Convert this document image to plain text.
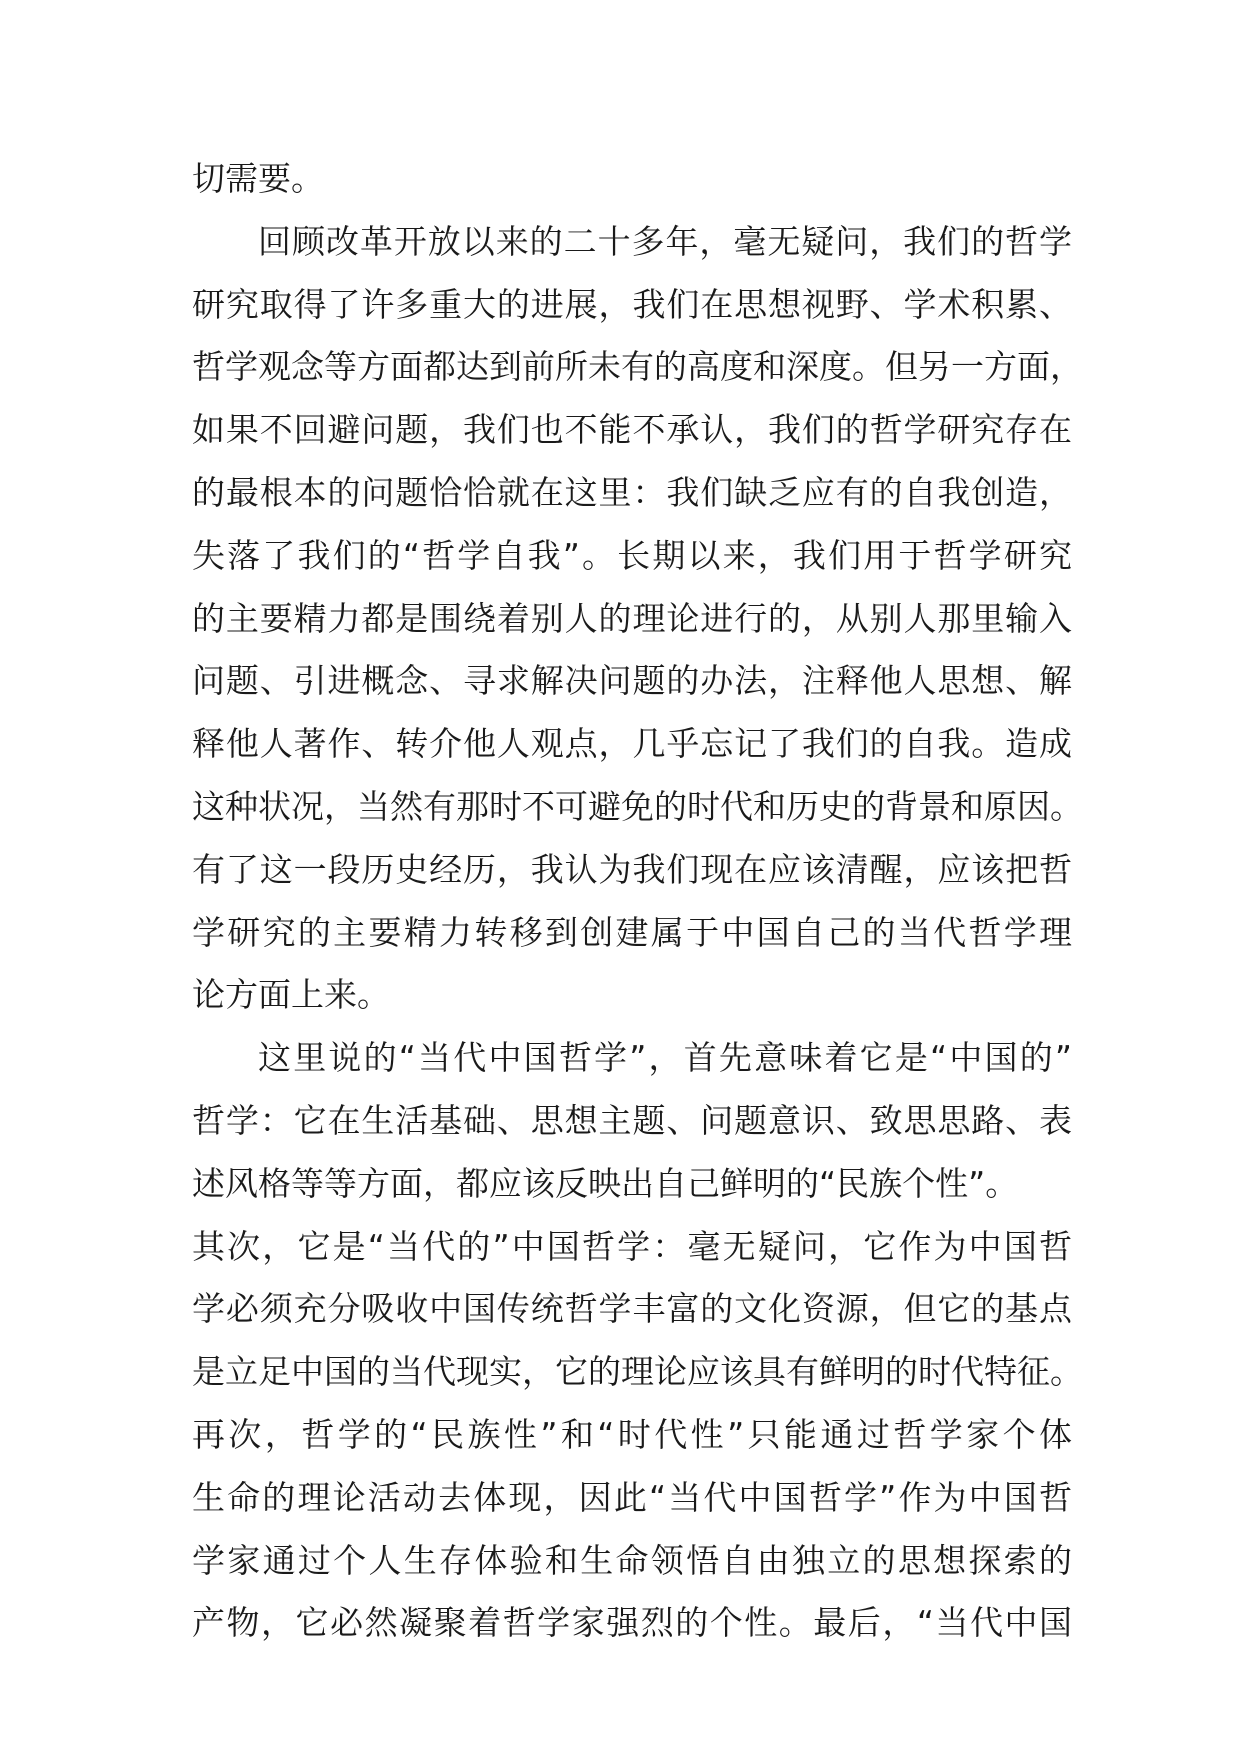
切需要。
回顾改革开放以来的二十多年，毫无疑问，我们的哲学
研究取得了许多重大的进展，我们在思想视野、学术积累、
哲学观念等方面都达到前所未有的高度和深度。但另一方面，
如果不回避问题，我们也不能不承认，我们的哲学研究存在
的最根本的问题恰恰就在这里：我们缺乏应有的自我创造，
失落了我们的“哲学自我”。长期以来，我们用于哲学研究
的主要精力都是围绕着别人的理论进行的，从别人那里输入
问题、引进概念、寻求解决问题的办法，注释他人思想、解
释他人著作、转介他人观点，几乎忘记了我们的自我。造成
这种状况，当然有那时不可避免的时代和历史的背景和原因。
有了这一段历史经历，我认为我们现在应该清醒，应该把哲
学研究的主要精力转移到创建属于中国自己的当代哲学理
论方面上来。
这里说的“当代中国哲学”，首先意味着它是“中国的”
哲学：它在生活基础、思想主题、问题意识、致思思路、表
述风格等等方面，都应该反映出自己鲜明的“民族个性”。
其次，它是“当代的”中国哲学：毫无疑问，它作为中国哲
学必须充分吸收中国传统哲学丰富的文化资源，但它的基点
是立足中国的当代现实，它的理论应该具有鲜明的时代特征。
再次，哲学的“民族性”和“时代性”只能通过哲学家个体
生命的理论活动去体现，因此“当代中国哲学”作为中国哲
学家通过个人生存体验和生命领悟自由独立的思想探索的
产物，它必然凝聚着哲学家强烈的个性。最后，“当代中国
